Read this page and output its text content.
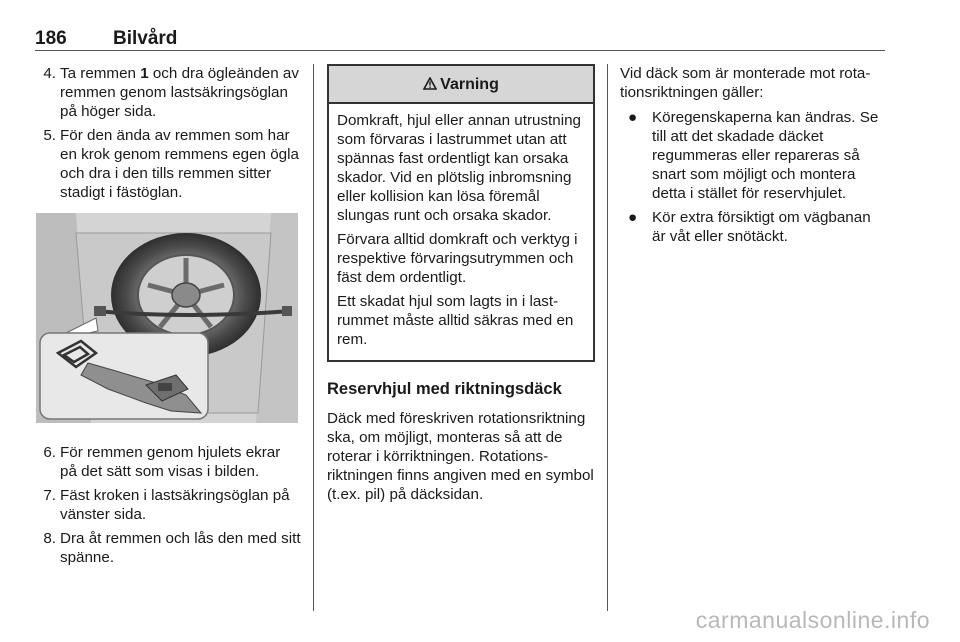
186 Bilvård
4. Ta remmen 1 och dra ögleänden av remmen genom lastsäkringsöglan på höger sida.
5. För den ända av remmen som har en krok genom remmens egen ögla och dra i den tills remmen sitter stadigt i fästöglan.
6. För remmen genom hjulets ekrar på det sätt som visas i bilden.
7. Fäst kroken i lastsäkringsöglan på vänster sida.
8. Dra åt remmen och lås den med sitt spänne.
Varning

Domkraft, hjul eller annan utrustning som förvaras i lastrummet utan att spännas fast ordentligt kan orsaka skador. Vid en plötslig inbromsning eller kollision kan lösa föremål slungas runt och orsaka skador.

Förvara alltid domkraft och verktyg i respektive förvaringsutrymmen och fäst dem ordentligt.

Ett skadat hjul som lagts in i lastrummet måste alltid säkras med en rem.

Reservhjul med riktningsdäck

Däck med föreskriven rotationsriktning ska, om möjligt, monteras så att de roterar i körriktningen. Rotationsriktningen finns angiven med en symbol (t.ex. pil) på däcksidan.

Vid däck som är monterade mot rotationsriktningen gäller:

● Köregenskaperna kan ändras. Se till att det skadade däcket regummeras eller repareras så snart som möjligt och montera detta i stället för reservhjulet.
● Kör extra försiktigt om vägbanan är våt eller snötäckt.
carmanualsonline.info
